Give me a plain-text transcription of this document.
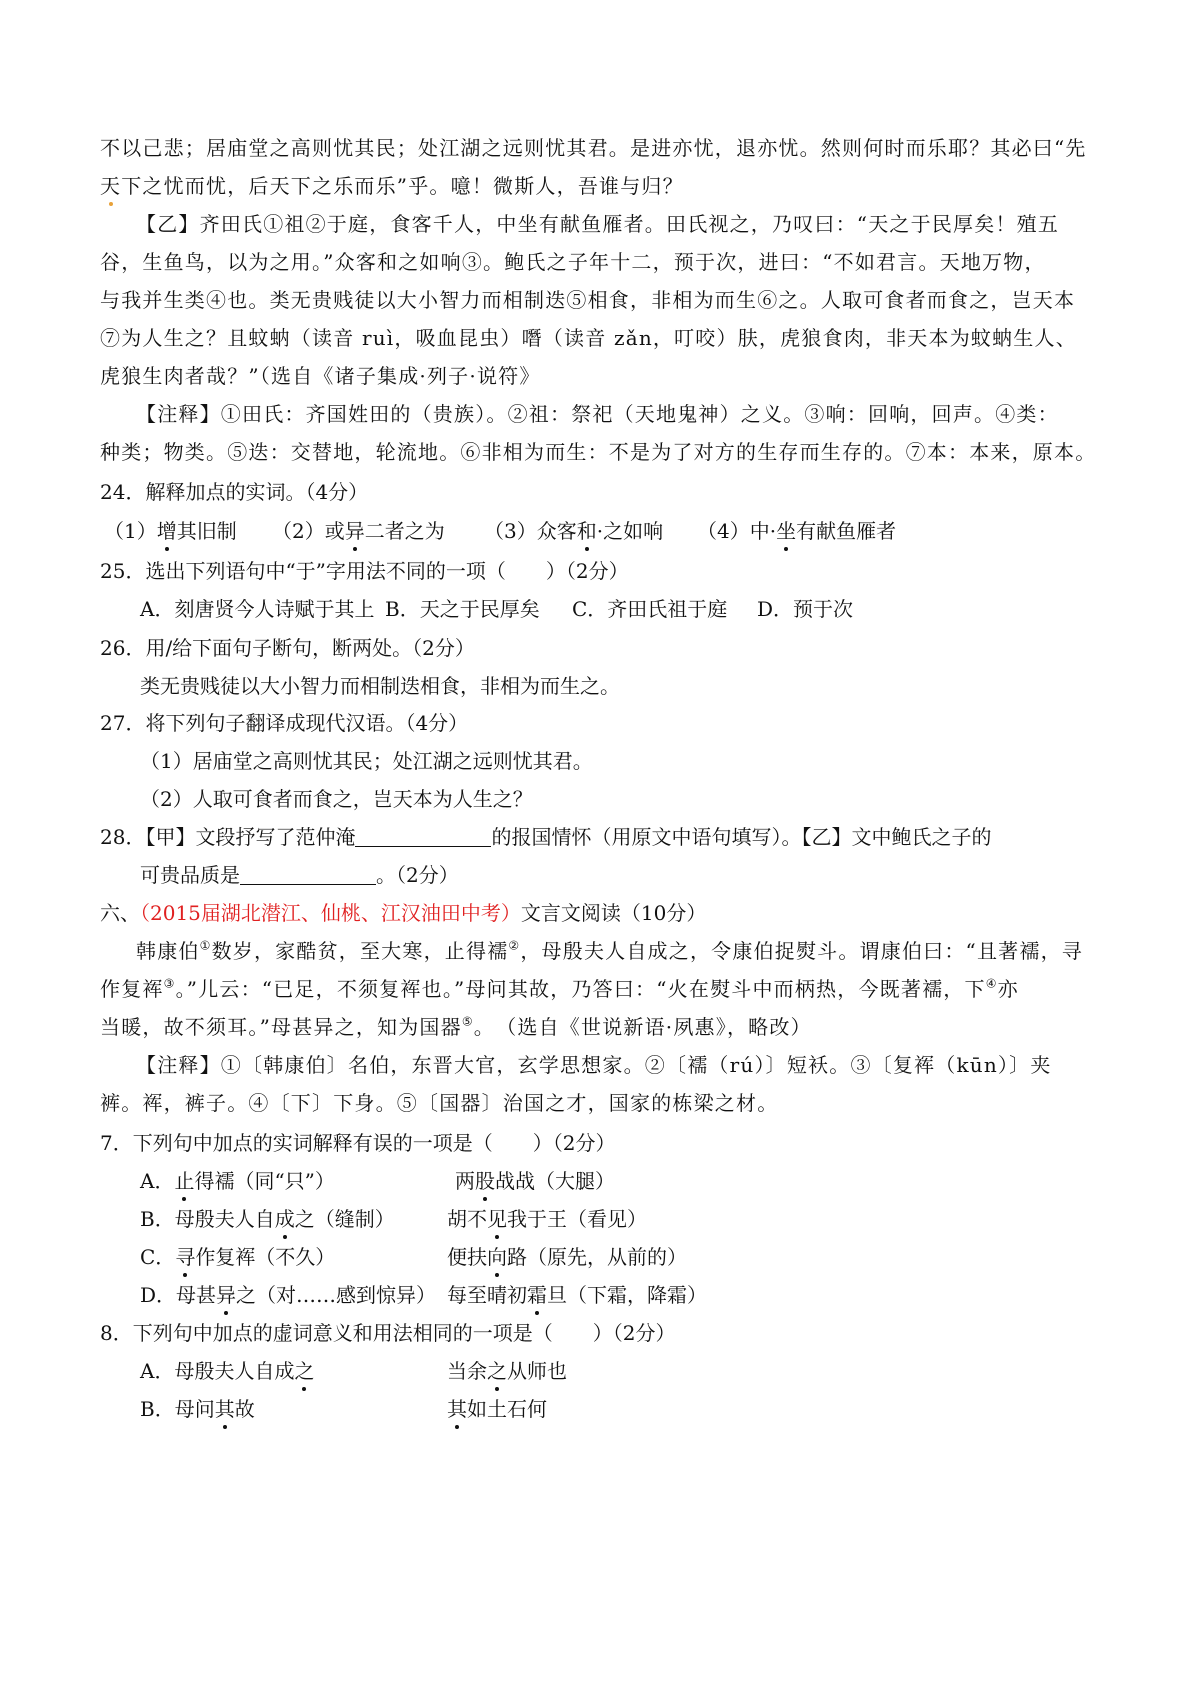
不以己悲；居庙堂之高则忧其民；处江湖之远则忧其君。是进亦忧，退亦忧。然则何时而乐耶？其必曰“先
天下之忧而忧，后天下之乐而乐”乎。噫！微斯人，吾谁与归？
【乙】齐田氏①祖②于庭，食客千人，中坐有献鱼雁者。田氏视之，乃叹曰：“天之于民厚矣！殖五
谷，生鱼鸟，以为之用。”众客和之如响③。鲍氏之子年十二，预于次，进曰：“不如君言。天地万物，
与我并生类④也。类无贵贱徒以大小智力而相制迭⑤相食，非相为而生⑥之。人取可食者而食之，岂天本
⑦为人生之？且蚊蚋（读音 ruì，吸血昆虫）噆（读音 zǎn，叮咬）肤，虎狼食肉，非天本为蚊蚋生人、
虎狼生肉者哉？”（选自《诸子集成·列子·说符》
【注释】①田氏：齐国姓田的（贵族）。②祖：祭祀（天地鬼神）之义。③响：回响，回声。④类：
种类；物类。⑤迭：交替地，轮流地。⑥非相为而生：不是为了对方的生存而生存的。⑦本：本来，原本。
24．解释加点的实词。（4分）
（1）增其旧制 （2）或异二者之为 （3）众客和·之如响 （4）中·坐有献鱼雁者
25．选出下列语句中“于”字用法不同的一项（　　）（2分）
A．刻唐贤今人诗赋于其上 B．天之于民厚矣 C．齐田氏祖于庭 D．预于次
26．用/给下面句子断句，断两处。（2分）
类无贵贱徒以大小智力而相制迭相食，非相为而生之。
27．将下列句子翻译成现代汉语。（4分）
（1）居庙堂之高则忧其民；处江湖之远则忧其君。
（2）人取可食者而食之，岂天本为人生之？
28．【甲】文段抒写了范仲淹	的报国情怀（用原文中语句填写）。【乙】文中鲍氏之子的
可贵品质是	。（2分）
六、（2015届湖北潜江、仙桃、江汉油田中考）文言文阅读（10分）
韩康伯①数岁，家酷贫，至大寒，止得襦②，母殷夫人自成之，令康伯捉熨斗。谓康伯曰：“且著襦，寻
作复裈③。”儿云：“已足，不须复裈也。”母问其故，乃答曰：“火在熨斗中而柄热，今既著襦，下④亦
当暖，故不须耳。”母甚异之，知为国器⑤。　（选自《世说新语·夙惠》，略改）
【注释】①〔韩康伯〕名伯，东晋大官，玄学思想家。②〔襦（rú）〕短袄。③〔复裈（kūn）〕夹
裤。裈，裤子。④〔下〕下身。⑤〔国器〕治国之才，国家的栋梁之材。
7．下列句中加点的实词解释有误的一项是（　　）（2分）
A．止得襦（同“只”）	两股战战（大腿）
B．母殷夫人自成之（缝制）	胡不见我于王（看见）
C．寻作复裈（不久）	便扶向路（原先，从前的）
D．母甚异之（对……感到惊异） 每至晴初霜旦（下霜，降霜）
8．下列句中加点的虚词意义和用法相同的一项是（　　）（2分）
A．母殷夫人自成之	当余之从师也
B．母问其故	其如土石何
